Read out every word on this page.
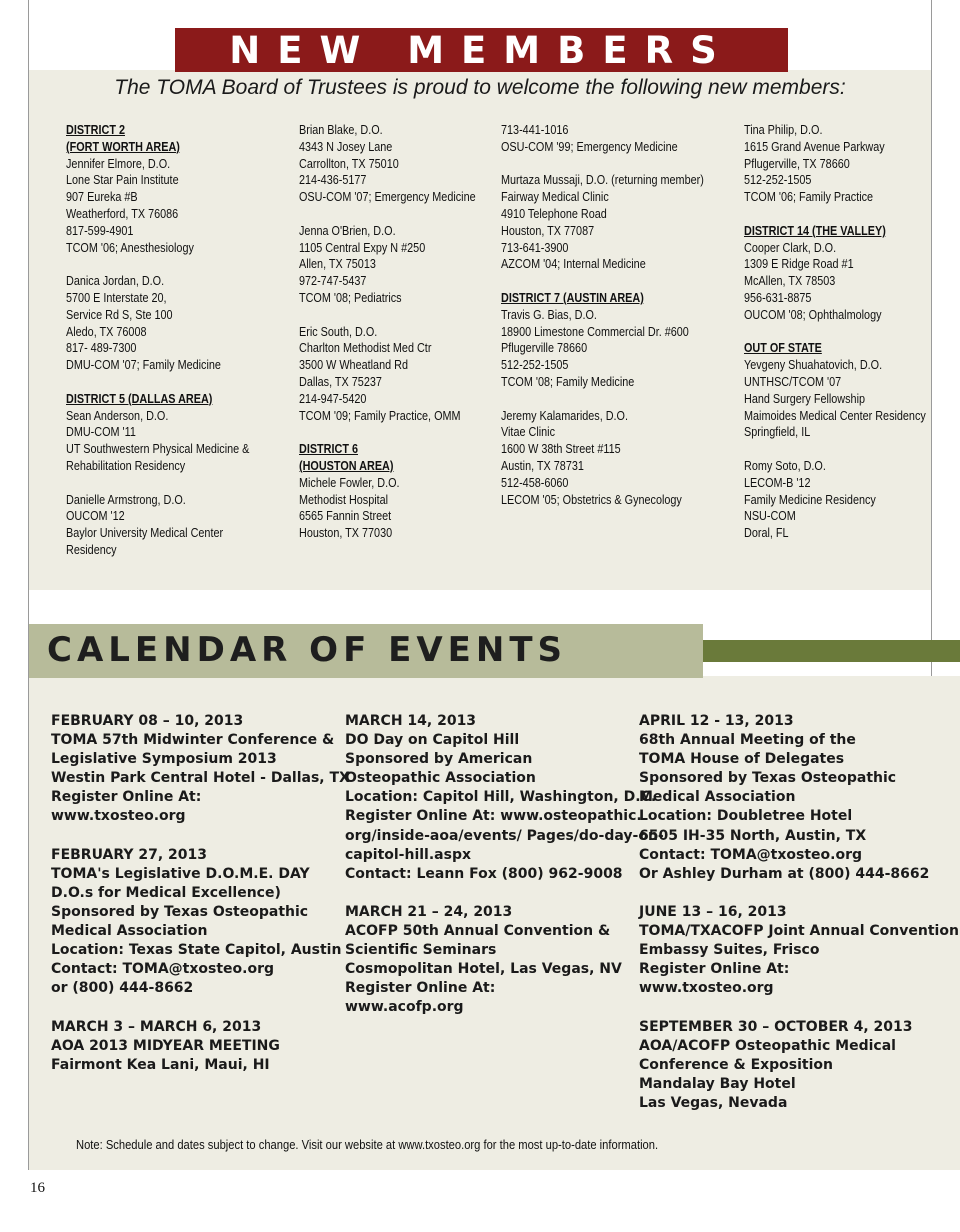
NEW MEMBERS
The TOMA Board of Trustees is proud to welcome the following new members:
DISTRICT 2
(FORT WORTH AREA)
Jennifer Elmore, D.O.
Lone Star Pain Institute
907 Eureka #B
Weatherford, TX 76086
817-599-4901
TCOM '06; Anesthesiology
Danica Jordan, D.O.
5700 E Interstate 20,
Service Rd S, Ste 100
Aledo, TX 76008
817- 489-7300
DMU-COM '07; Family Medicine
DISTRICT 5 (DALLAS AREA)
Sean Anderson, D.O.
DMU-COM '11
UT Southwestern Physical Medicine &
Rehabilitation Residency
Danielle Armstrong, D.O.
OUCOM '12
Baylor University Medical Center
Residency
Brian Blake, D.O.
4343 N Josey Lane
Carrollton, TX 75010
214-436-5177
OSU-COM '07; Emergency Medicine
Jenna O'Brien, D.O.
1105 Central Expy N #250
Allen, TX 75013
972-747-5437
TCOM '08; Pediatrics
Eric South, D.O.
Charlton Methodist Med Ctr
3500 W Wheatland Rd
Dallas, TX 75237
214-947-5420
TCOM '09; Family Practice, OMM
DISTRICT 6
(HOUSTON AREA)
Michele Fowler, D.O.
Methodist Hospital
6565 Fannin Street
Houston, TX 77030
713-441-1016
OSU-COM '99; Emergency Medicine
Murtaza Mussaji, D.O. (returning member)
Fairway Medical Clinic
4910 Telephone Road
Houston, TX 77087
713-641-3900
AZCOM '04; Internal Medicine
DISTRICT 7 (AUSTIN AREA)
Travis G. Bias, D.O.
18900 Limestone Commercial Dr. #600
Pflugerville 78660
512-252-1505
TCOM '08; Family Medicine
Jeremy Kalamarides, D.O.
Vitae Clinic
1600 W 38th Street #115
Austin, TX 78731
512-458-6060
LECOM '05; Obstetrics & Gynecology
Tina Philip, D.O.
1615 Grand Avenue Parkway
Pflugerville, TX 78660
512-252-1505
TCOM '06; Family Practice
DISTRICT 14 (THE VALLEY)
Cooper Clark, D.O.
1309 E Ridge Road #1
McAllen, TX 78503
956-631-8875
OUCOM '08; Ophthalmology
OUT OF STATE
Yevgeny Shuahatovich, D.O.
UNTHSC/TCOM '07
Hand Surgery Fellowship
Maimoides Medical Center Residency
Springfield, IL
Romy Soto, D.O.
LECOM-B '12
Family Medicine Residency
NSU-COM
Doral, FL
CALENDAR OF EVENTS
FEBRUARY 08 – 10, 2013
TOMA 57th Midwinter Conference &
Legislative Symposium 2013
Westin Park Central Hotel - Dallas, TX
Register Online At:
www.txosteo.org
FEBRUARY 27, 2013
TOMA's Legislative D.O.M.E. DAY
D.O.s for Medical Excellence)
Sponsored by Texas Osteopathic
Medical Association
Location: Texas State Capitol, Austin
Contact: TOMA@txosteo.org
or (800) 444-8662
MARCH 3 – MARCH 6, 2013
AOA 2013 MIDYEAR MEETING
Fairmont Kea Lani, Maui, HI
MARCH 14, 2013
DO Day on Capitol Hill
Sponsored by American
Osteopathic Association
Location: Capitol Hill, Washington, D.C.
Register Online At: www.osteopathic.
org/inside-aoa/events/ Pages/do-day-on-
capitol-hill.aspx
Contact: Leann Fox (800) 962-9008
MARCH 21 – 24, 2013
ACOFP 50th Annual Convention &
Scientific Seminars
Cosmopolitan Hotel, Las Vegas, NV
Register Online At:
www.acofp.org
APRIL 12 - 13, 2013
68th Annual Meeting of the
TOMA House of Delegates
Sponsored by Texas Osteopathic
Medical Association
Location: Doubletree Hotel
6505 IH-35 North, Austin, TX
Contact: TOMA@txosteo.org
Or Ashley Durham at (800) 444-8662
JUNE 13 – 16, 2013
TOMA/TXACOFP Joint Annual Convention
Embassy Suites, Frisco
Register Online At:
www.txosteo.org
SEPTEMBER 30 – OCTOBER 4, 2013
AOA/ACOFP Osteopathic Medical
Conference & Exposition
Mandalay Bay Hotel
Las Vegas, Nevada
Note: Schedule and dates subject to change. Visit our website at www.txosteo.org for the most up-to-date information.
16
